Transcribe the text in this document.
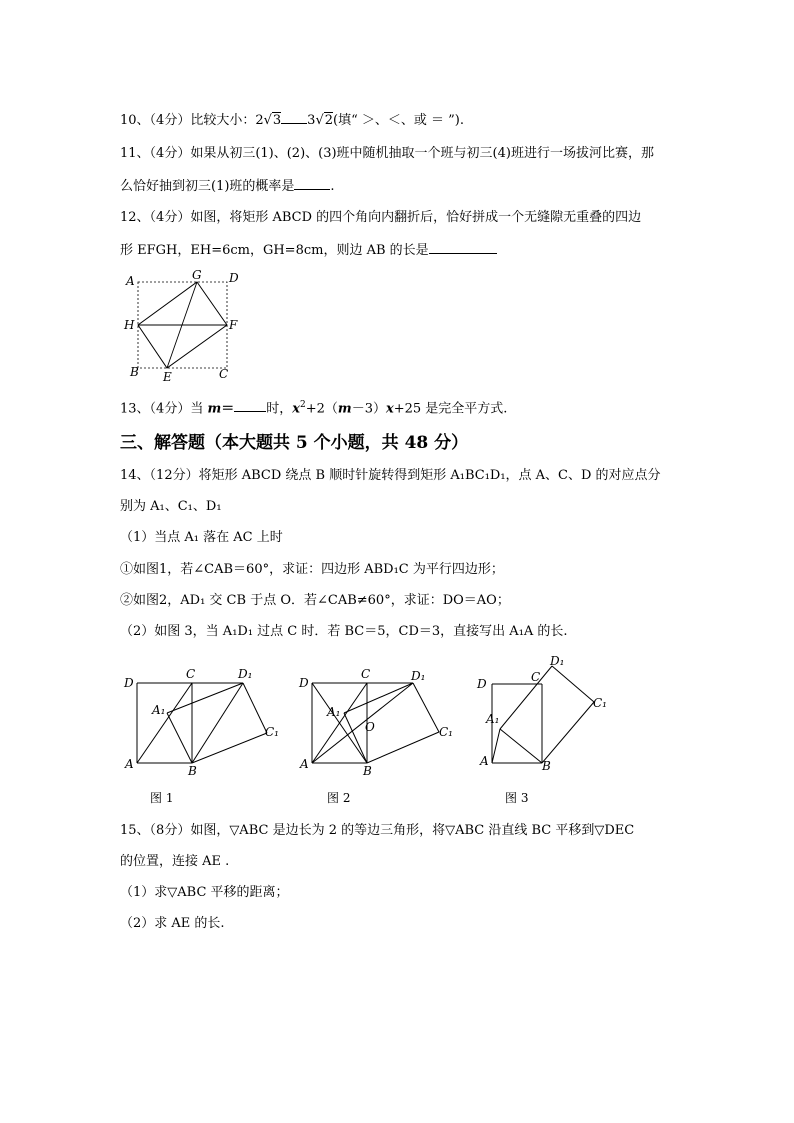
10、（4分）比较大小：2√3 3√2(填“ ＞、＜、或 ＝ ”).
11、（4分）如果从初三(1)、(2)、(3)班中随机抽取一个班与初三(4)班进行一场拔河比赛，那
么恰好抽到初三(1)班的概率是	.
12、（4分）如图，将矩形 ABCD 的四个角向内翻折后，恰好拼成一个无缝隙无重叠的四边
形 EFGH，EH=6cm，GH=8cm，则边 AB 的长是
A	G D
H	F
B E	C
13、（4分）当 m＝ 时，$x^2+2(m-3)x+25$ 是完全平方式.
三、解答题（本大题共 5 个小题，共 48 分）
14、（12分）将矩形 ABCD 绕点 B 顺时针旋转得到矩形 A₁BC₁D₁，点 A、C、D 的对应点分
别为 A₁、C₁、D₁
（1）当点 A₁ 落在 AC 上时
①如图1，若∠CAB＝60°，求证：四边形 ABD₁C 为平行四边形；
②如图2，AD₁ 交 CB 于点 O．若∠CAB≠60°，求证：DO＝AO；
（2）如图 3，当 A₁D₁ 过点 C 时．若 BC＝5，CD＝3，直接写出 A₁A 的长.
D
C	D₁
A₁
C₁
A	B
图 1
D
C	D₁
A₁
O	C₁
A	B
图 2
D₁
D	C
C₁
A₁
A	B
图 3
15、（8分）如图，▽ABC 是边长为 2 的等边三角形，将▽ABC 沿直线 BC 平移到▽DEC
的位置，连接 AE .
（1）求▽ABC 平移的距离；
（2）求 AE 的长.
